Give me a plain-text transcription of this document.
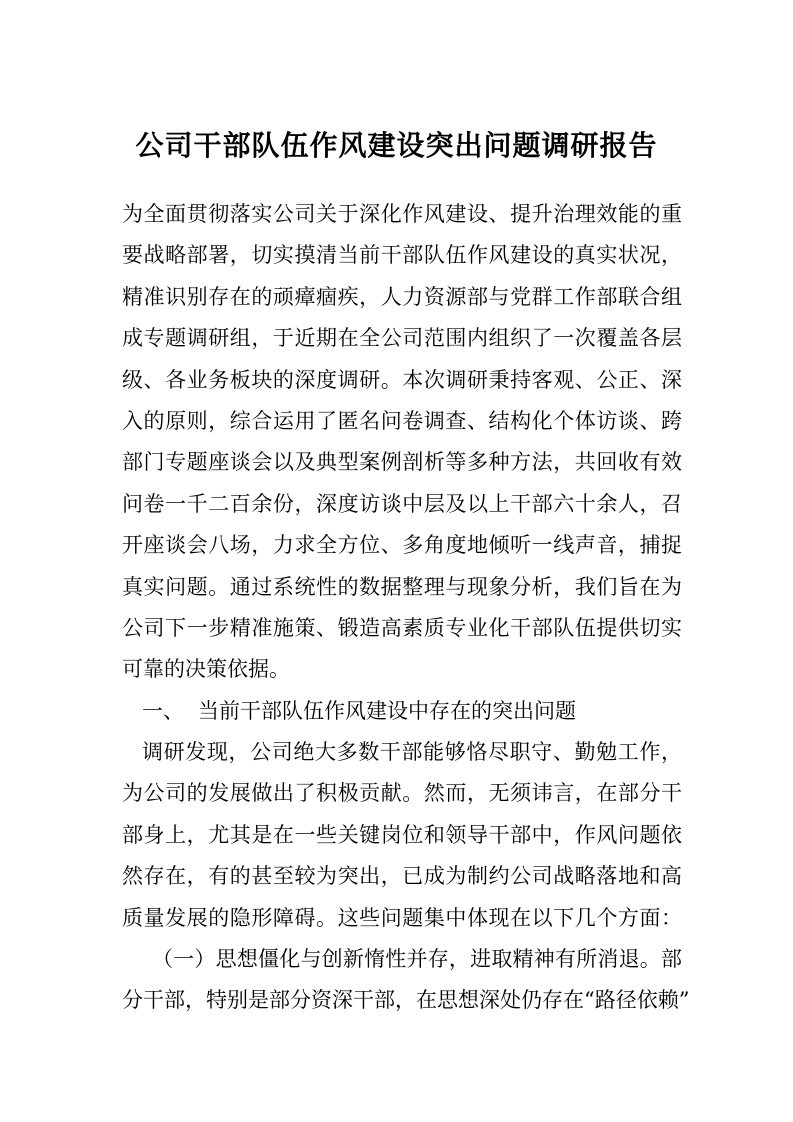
公司干部队伍作风建设突出问题调研报告
为全面贯彻落实公司关于深化作风建设、提升治理效能的重
要战略部署，切实摸清当前干部队伍作风建设的真实状况，
精准识别存在的顽瘴痼疾，人力资源部与党群工作部联合组
成专题调研组，于近期在全公司范围内组织了一次覆盖各层
级、各业务板块的深度调研。本次调研秉持客观、公正、深
入的原则，综合运用了匿名问卷调查、结构化个体访谈、跨
部门专题座谈会以及典型案例剖析等多种方法，共回收有效
问卷一千二百余份，深度访谈中层及以上干部六十余人，召
开座谈会八场，力求全方位、多角度地倾听一线声音，捕捉
真实问题。通过系统性的数据整理与现象分析，我们旨在为
公司下一步精准施策、锻造高素质专业化干部队伍提供切实
可靠的决策依据。
一、 当前干部队伍作风建设中存在的突出问题
调研发现，公司绝大多数干部能够恪尽职守、勤勉工作，
为公司的发展做出了积极贡献。然而，无须讳言，在部分干
部身上，尤其是在一些关键岗位和领导干部中，作风问题依
然存在，有的甚至较为突出，已成为制约公司战略落地和高
质量发展的隐形障碍。这些问题集中体现在以下几个方面：
（一）思想僵化与创新惰性并存，进取精神有所消退。部
分干部，特别是部分资深干部，在思想深处仍存在“路径依赖”
